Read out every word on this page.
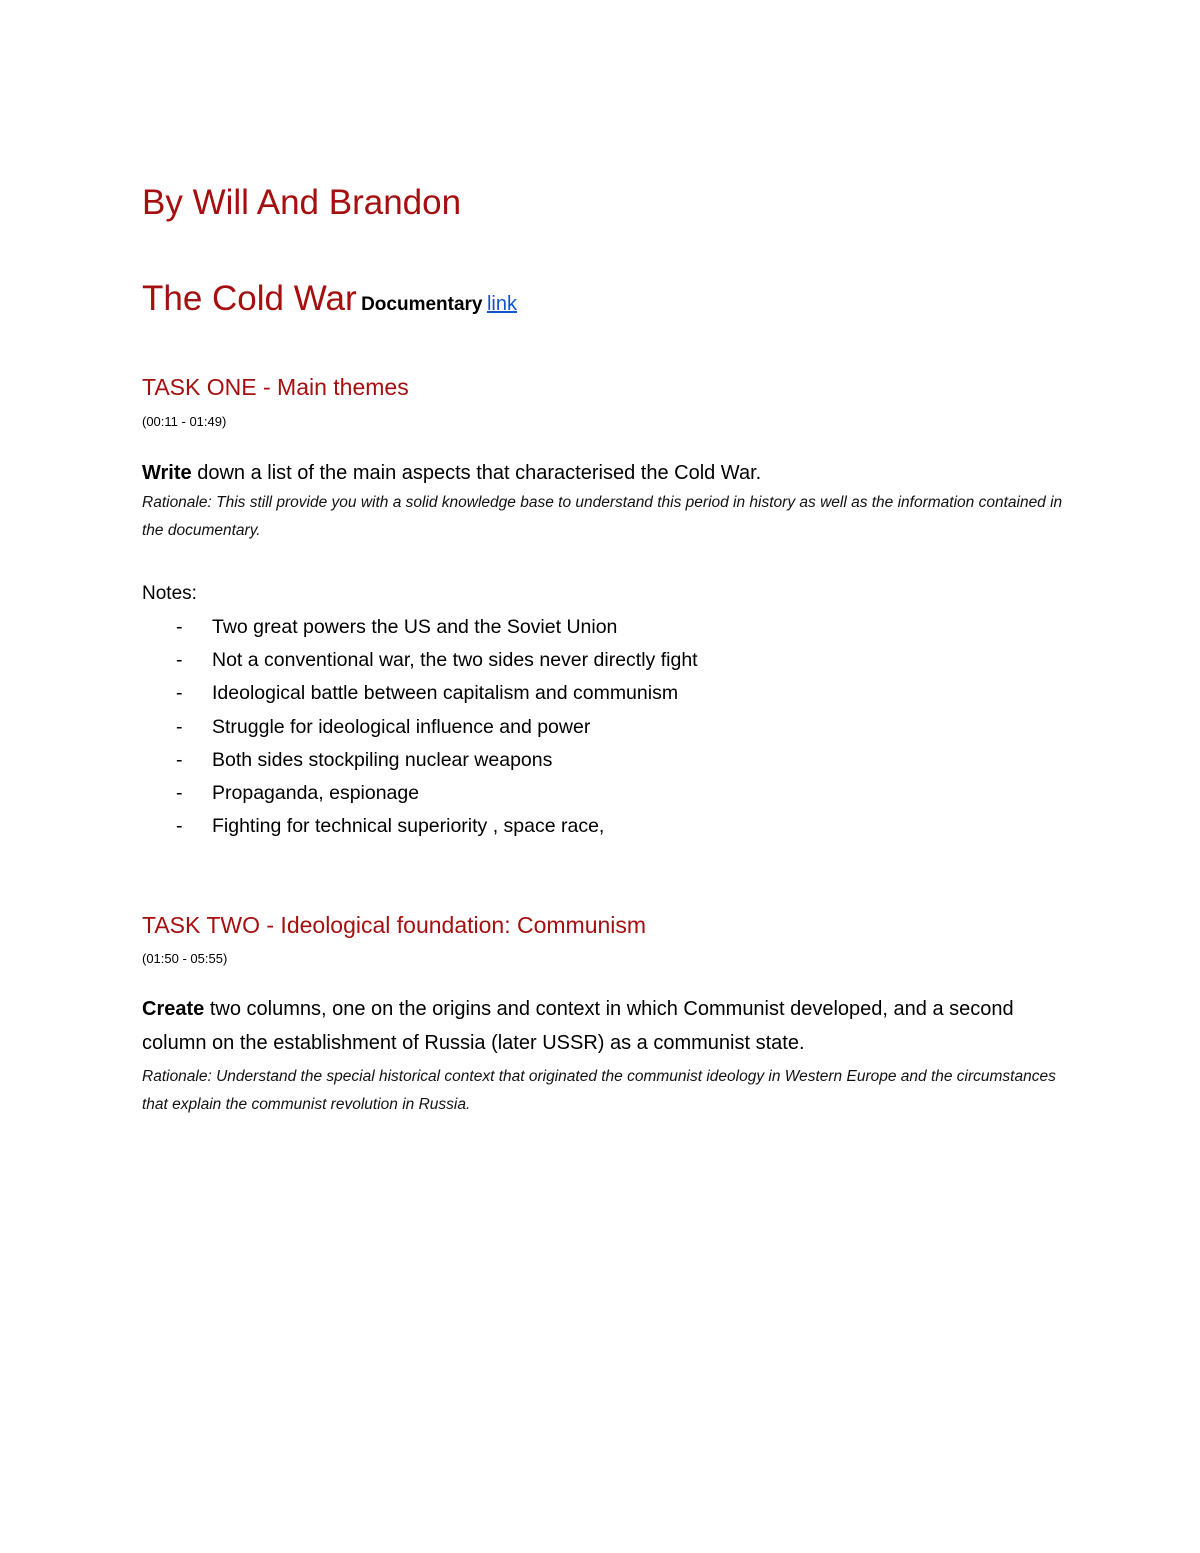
By Will And Brandon
The Cold War Documentary link
TASK ONE - Main themes

(00:11 - 01:49)

Write down a list of the main aspects that characterised the Cold War.

Rationale: This still provide you with a solid knowledge base to understand this period in history as well as the information contained in the documentary.

Notes:

- Two great powers the US and the Soviet Union
- Not a conventional war, the two sides never directly fight
- Ideological battle between capitalism and communism
- Struggle for ideological influence and power
- Both sides stockpiling nuclear weapons
- Propaganda, espionage
- Fighting for technical superiority , space race,
TASK TWO - Ideological foundation: Communism

(01:50 - 05:55)

Create two columns, one on the origins and context in which Communist developed, and a second column on the establishment of Russia (later USSR) as a communist state.

Rationale: Understand the special historical context that originated the communist ideology in Western Europe and the circumstances that explain the communist revolution in Russia.
